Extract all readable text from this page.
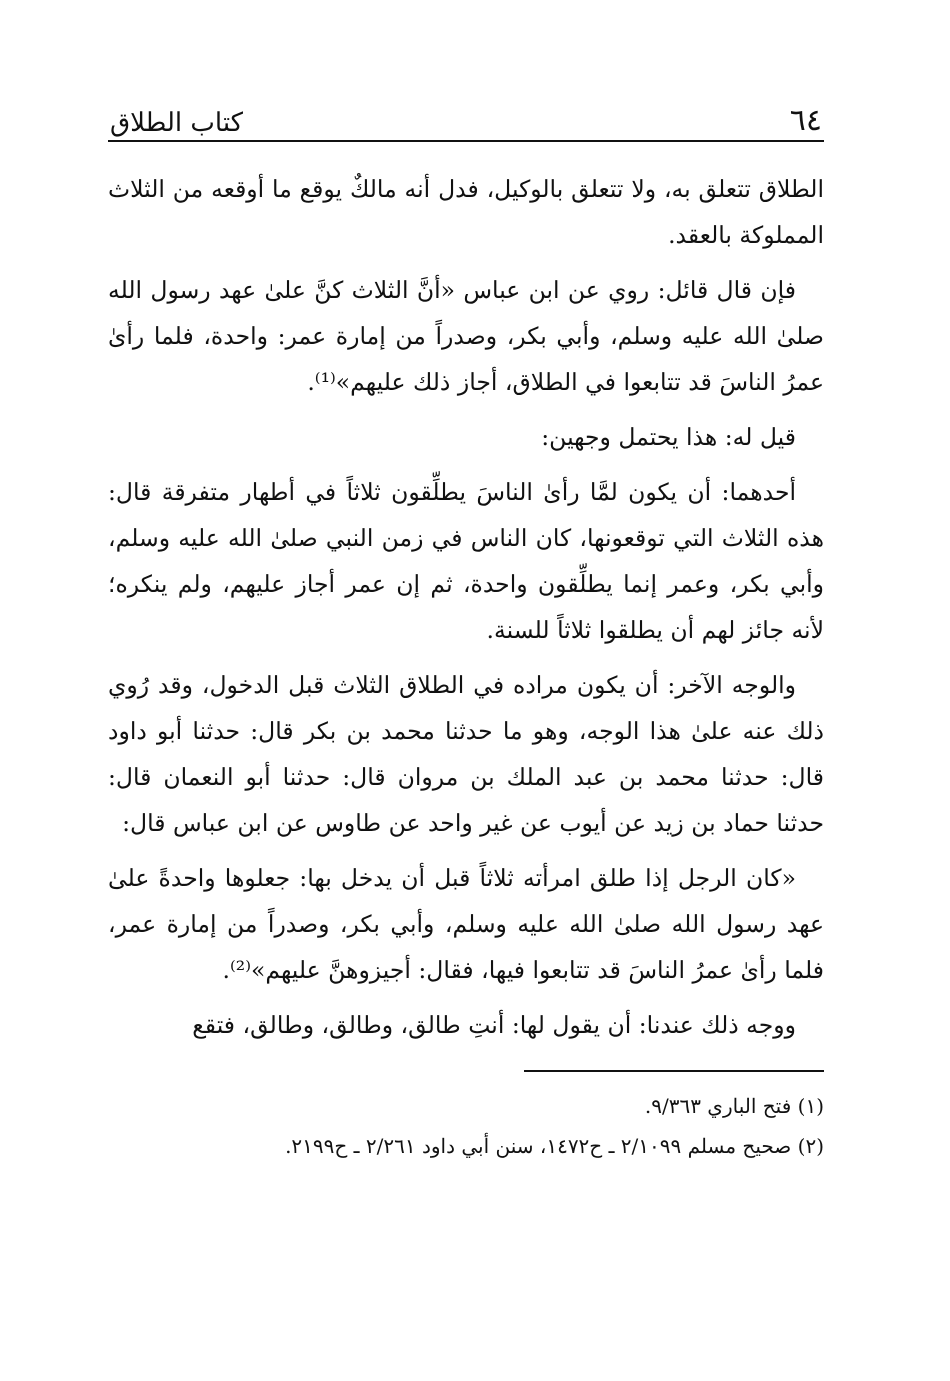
٦٤
كتاب الطلاق

الطلاق تتعلق به، ولا تتعلق بالوكيل، فدل أنه مالكٌ يوقع ما أوقعه من الثلاث المملوكة بالعقد.

فإن قال قائل: روي عن ابن عباس «أنَّ الثلاث كنَّ علىٰ عهد رسول الله صلىٰ الله عليه وسلم، وأبي بكر، وصدراً من إمارة عمر: واحدة، فلما رأىٰ عمرُ الناسَ قد تتابعوا في الطلاق، أجاز ذلك عليهم»⁽¹⁾.

قيل له: هذا يحتمل وجهين:

أحدهما: أن يكون لمَّا رأىٰ الناسَ يطلِّقون ثلاثاً في أطهار متفرقة قال: هذه الثلاث التي توقعونها، كان الناس في زمن النبي صلىٰ الله عليه وسلم، وأبي بكر، وعمر إنما يطلِّقون واحدة، ثم إن عمر أجاز عليهم، ولم ينكره؛ لأنه جائز لهم أن يطلقوا ثلاثاً للسنة.

والوجه الآخر: أن يكون مراده في الطلاق الثلاث قبل الدخول، وقد رُوي ذلك عنه علىٰ هذا الوجه، وهو ما حدثنا محمد بن بكر قال: حدثنا أبو داود قال: حدثنا محمد بن عبد الملك بن مروان قال: حدثنا أبو النعمان قال: حدثنا حماد بن زيد عن أيوب عن غير واحد عن طاوس عن ابن عباس قال:

«كان الرجل إذا طلق امرأته ثلاثاً قبل أن يدخل بها: جعلوها واحدةً علىٰ عهد رسول الله صلىٰ الله عليه وسلم، وأبي بكر، وصدراً من إمارة عمر، فلما رأىٰ عمرُ الناسَ قد تتابعوا فيها، فقال: أجيزوهنَّ عليهم»⁽²⁾.

ووجه ذلك عندنا: أن يقول لها: أنتِ طالق، وطالق، وطالق، فتقع

(١) فتح الباري ٩/٣٦٣.

(٢) صحيح مسلم ٢/١٠٩٩ ـ ح١٤٧٢، سنن أبي داود ٢/٢٦١ ـ ح٢١٩٩.
